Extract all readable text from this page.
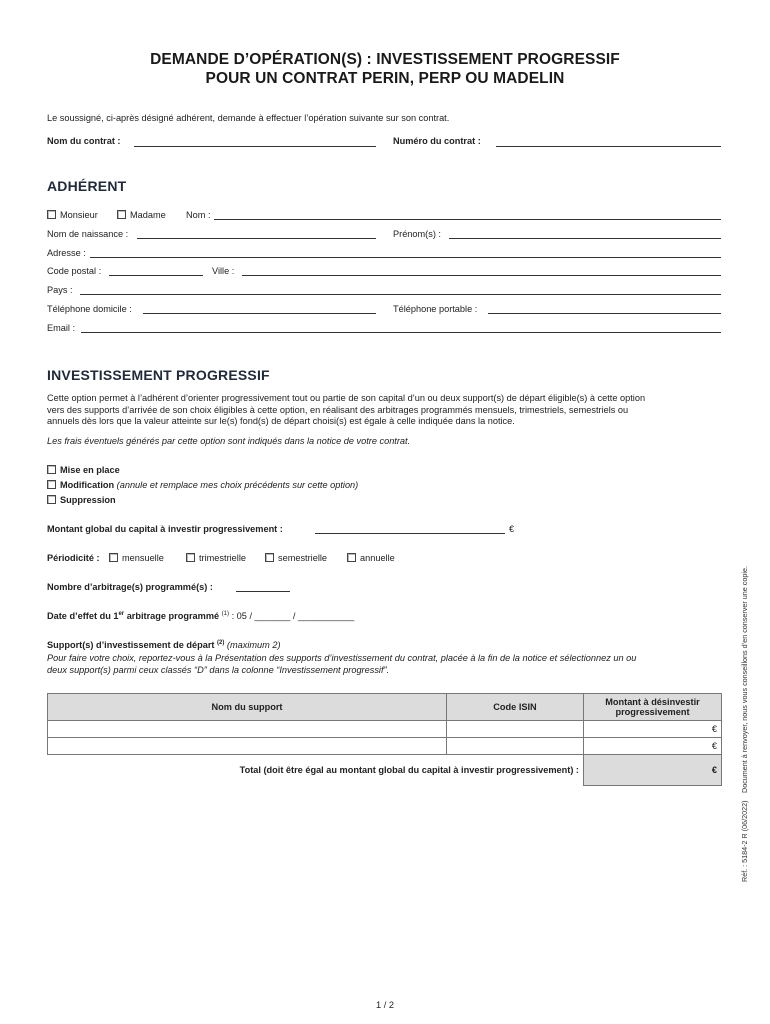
DEMANDE D’OPÉRATION(S) : INVESTISSEMENT PROGRESSIF
POUR UN CONTRAT PERIN, PERP OU MADELIN
Le soussigné, ci-après désigné adhérent, demande à effectuer l’opération suivante sur son contrat.
Nom du contrat :	Numéro du contrat :
ADHÉRENT
Monsieur	Madame Nom :
Nom de naissance :	Prénom(s) :
Adresse :
Code postal :	Ville :
Pays :
Téléphone domicile :	Téléphone portable :
Email :
INVESTISSEMENT PROGRESSIF
Cette option permet à l’adhérent d’orienter progressivement tout ou partie de son capital d’un ou deux support(s) de départ éligible(s) à cette option
vers des supports d’arrivée de son choix éligibles à cette option, en réalisant des arbitrages programmés mensuels, trimestriels, semestriels ou
annuels dès lors que la valeur atteinte sur le(s) fond(s) de départ choisi(s) est égale à celle indiquée dans la notice.
Les frais éventuels générés par cette option sont indiqués dans la notice de votre contrat.
Mise en place
Modification (annule et remplace mes choix précédents sur cette option)
Suppression
Montant global du capital à investir progressivement :	€
Périodicité :	mensuelle	trimestrielle	semestrielle	annuelle
Nombre d’arbitrage(s) programmé(s) :
Date d’effet du 1er arbitrage programmé $^{(1)}$ : 05 / _______ / ___________
Support(s) d’investissement de départ $^{(2)}$ (maximum 2)
Pour faire votre choix, reportez-vous à la Présentation des supports d’investissement du contrat, placée à la fin de la notice et sélectionnez un ou
deux support(s) parmi ceux classés “D” dans la colonne “Investissement progressif”.
Nom du support	Code ISIN	Montant à désinvestir progressivement
		€
		€
Total (doit être égal au montant global du capital à investir progressivement) :		€	Document à renvoyer, nous vous conseillons d’en conserver une copie.
Réf. : 5184-2 R (06/2022)
1 / 2
